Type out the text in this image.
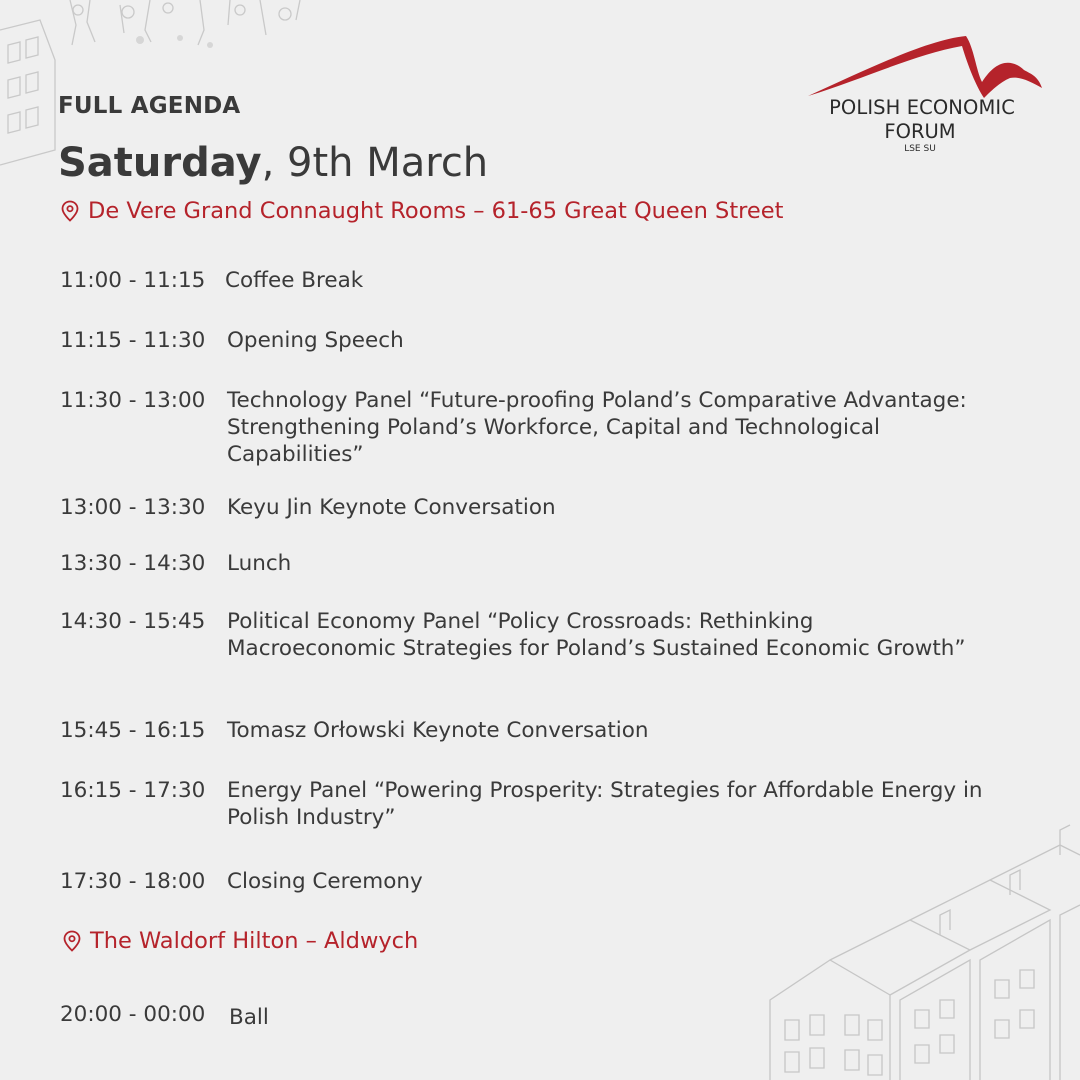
POLISH ECONOMIC
FORUM
LSE SU
FULL AGENDA
Saturday, 9th March
De Vere Grand Connaught Rooms – 61-65 Great Queen Street
11:00 - 11:15 Coffee Break
11:15 - 11:30 Opening Speech
11:30 - 13:00 Technology Panel “Future-proofing Poland’s Comparative Advantage: Strengthening Poland’s Workforce, Capital and Technological Capabilities”
13:00 - 13:30 Keyu Jin Keynote Conversation
13:30 - 14:30 Lunch
14:30 - 15:45 Political Economy Panel “Policy Crossroads: Rethinking Macroeconomic Strategies for Poland’s Sustained Economic Growth”
15:45 - 16:15 Tomasz Orłowski Keynote Conversation
16:15 - 17:30 Energy Panel “Powering Prosperity: Strategies for Affordable Energy in Polish Industry”
17:30 - 18:00 Closing Ceremony
The Waldorf Hilton – Aldwych
20:00 - 00:00 Ball
